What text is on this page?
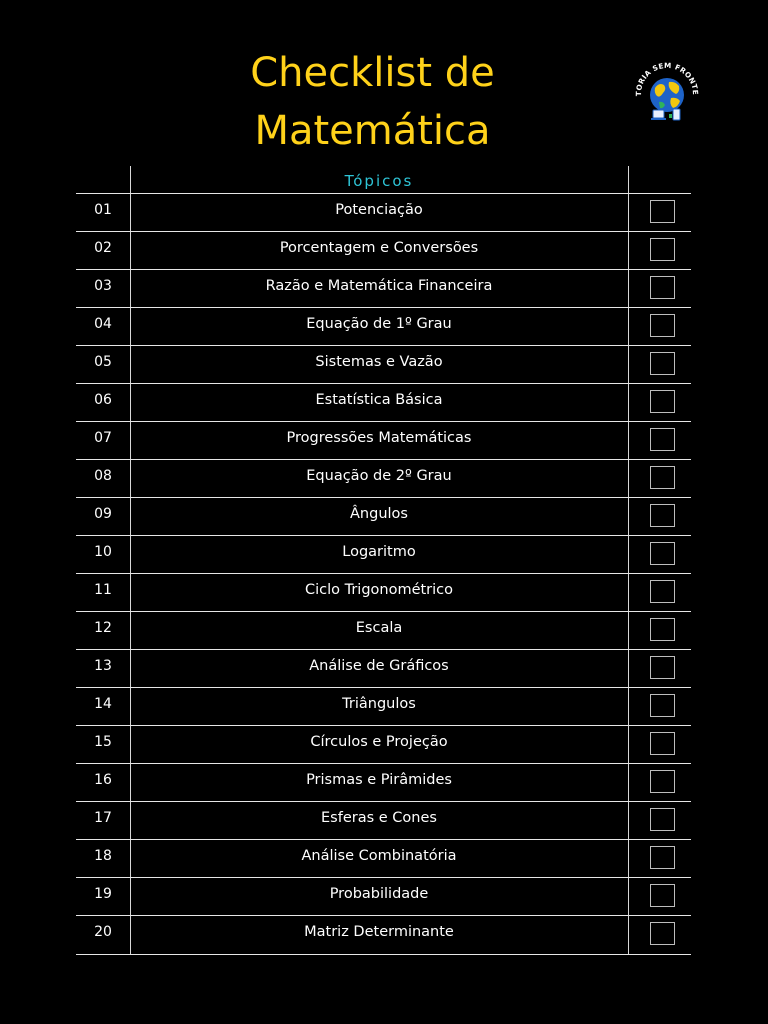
Checklist de
Matemática
TORIA SEM FRONTE
Tópicos
01	Potenciação
02	Porcentagem e Conversões
03	Razão e Matemática Financeira
04	Equação de 1º Grau
05	Sistemas e Vazão
06	Estatística Básica
07	Progressões Matemáticas
08	Equação de 2º Grau
09	Ângulos
10	Logaritmo
11	Ciclo Trigonométrico
12	Escala
13	Análise de Gráficos
14	Triângulos
15	Círculos e Projeção
16	Prismas e Pirâmides
17	Esferas e Cones
18	Análise Combinatória
19	Probabilidade
20	Matriz Determinante
